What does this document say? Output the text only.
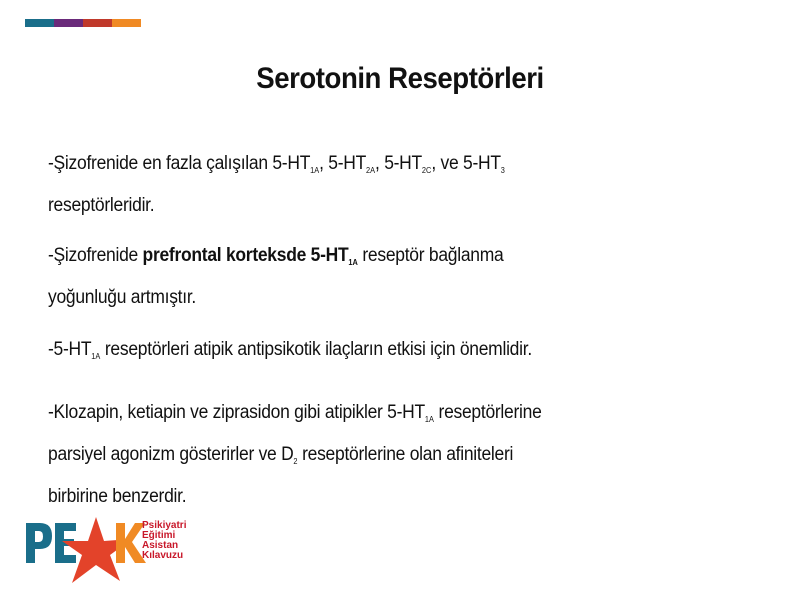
Serotonin Reseptörleri
-Şizofrenide en fazla çalışılan $5-HT_{1A}$, $5-HT_{2A}$, $5-HT_{2C}$, ve $5-HT_3$
reseptörleridir.
-Şizofrenide prefrontal korteksde $5-HT_{1A}$ reseptör bağlanma
yoğunluğu artmıştır.
$-5-HT_{1A}$ reseptörleri atipik antipsikotik ilaçların etkisi için önemlidir.
-Klozapin, ketiapin ve ziprasidon gibi atipikler $5-HT_{1A}$ reseptörlerine
parsiyel agonizm gösterirler ve $D_2$ reseptörlerine olan afiniteleri
birbirine benzerdir.
Psikiyatri
Eğitimi
Asistan
Kılavuzu
